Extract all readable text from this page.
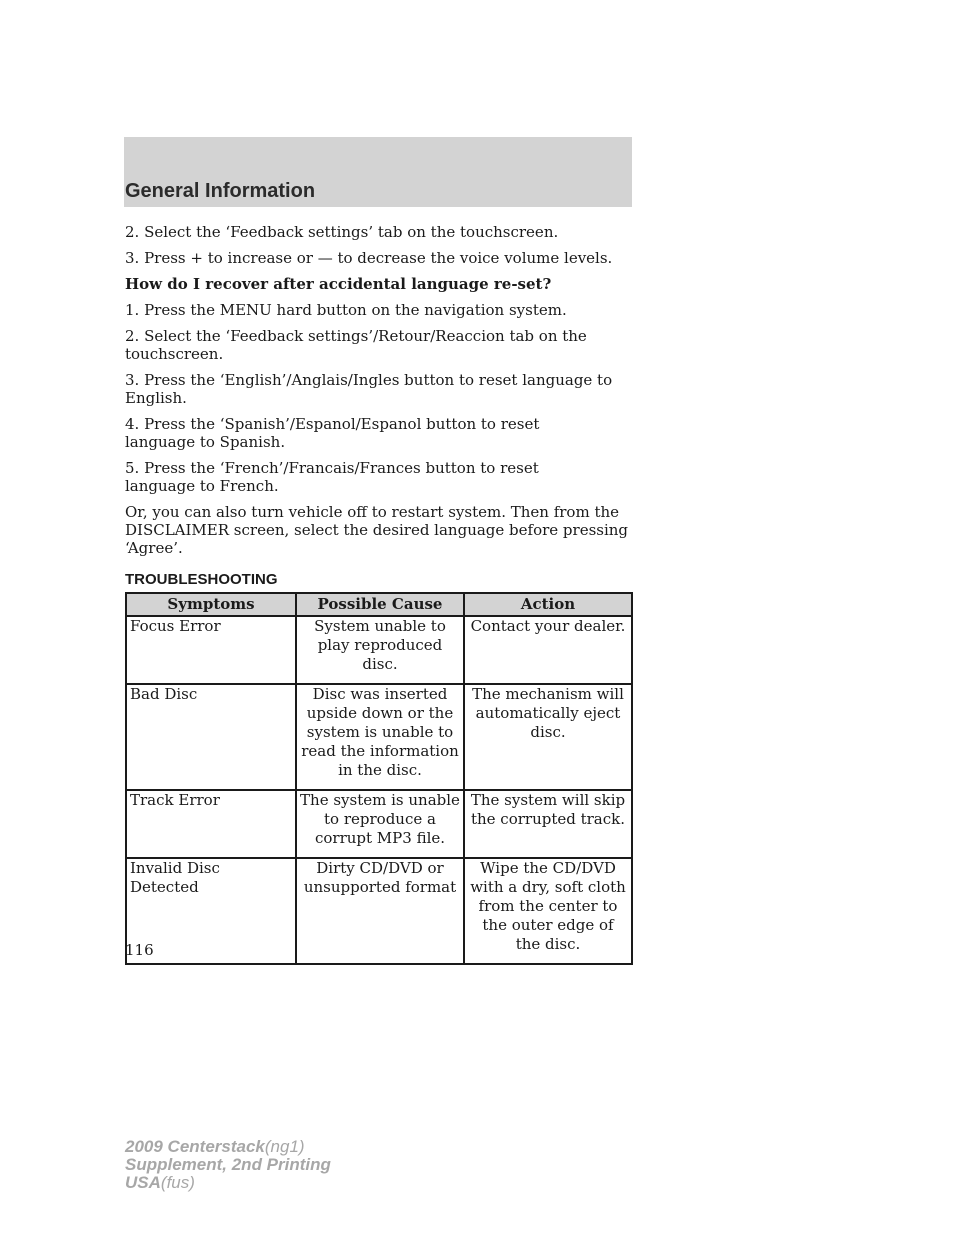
General Information

2. Select the ‘Feedback settings’ tab on the touchscreen.

3. Press + to increase or — to decrease the voice volume levels.

How do I recover after accidental language re-set?

1. Press the MENU hard button on the navigation system.

2. Select the ‘Feedback settings’/Retour/Reaccion tab on the touchscreen.

3. Press the ‘English’/Anglais/Ingles button to reset language to English.

4. Press the ‘Spanish’/Espanol/Espanol button to reset language to Spanish.

5. Press the ‘French’/Francais/Frances button to reset language to French.

Or, you can also turn vehicle off to restart system. Then from the DISCLAIMER screen, select the desired language before pressing ‘Agree’.

TROUBLESHOOTING
Symptoms	Possible Cause	Action
Focus Error	System unable to play reproduced disc.	Contact your dealer.
Bad Disc	Disc was inserted upside down or the system is unable to read the information in the disc.	The mechanism will automatically eject disc.
Track Error	The system is unable to reproduce a corrupt MP3 file.	The system will skip the corrupted track.
Invalid Disc Detected	Dirty CD/DVD or unsupported format	Wipe the CD/DVD with a dry, soft cloth from the center to the outer edge of the disc.
116
2009 Centerstack(ng1)
Supplement, 2nd Printing
USA(fus)
